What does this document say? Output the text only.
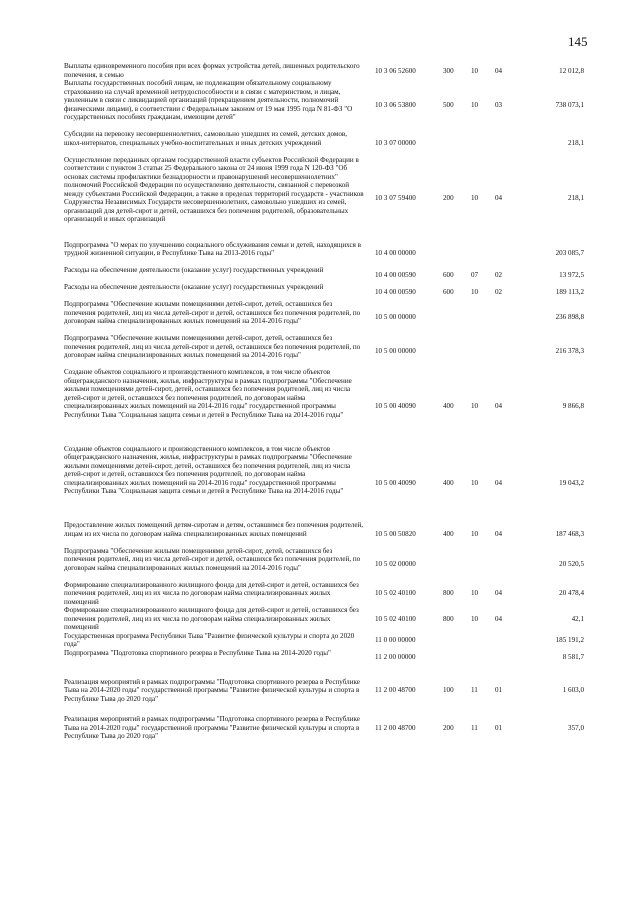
145
Выплаты единовременного пособия при всех формах устройства детей, лишенных родительского попечения, в семью
10 3 06 52600	300 10 04	12 012,8
Выплаты государственных пособий лицам, не подлежащим обязательному социальному страхованию на случай временной нетрудоспособности и в связи с материнством, и лицам, уволенным в связи с ликвидацией организаций (прекращением деятельности, полномочий физическими лицами), в соответствии с Федеральным законом от 19 мая 1995 года N 81-ФЗ "О государственных пособиях гражданам, имеющим детей"
10 3 06 53800	500 10 03	738 073,1
Субсидии на перевозку несовершеннолетних, самовольно ушедших из семей, детских домов, школ-интернатов, специальных учебно-воспитательных и иных детских учреждений	10 3 07 00000	218,1
Осуществление переданных органам государственной власти субъектов Российской Федерации в соответствии с пунктом 3 статьи 25 Федерального закона от 24 июня 1999 года N 120-ФЗ "Об основах системы профилактики безнадзорности и правонарушений несовершеннолетних" полномочий Российской Федерации по осуществлению деятельности, связанной с перевозкой между субъектами Российской Федерации, а также в пределах территорий государств - участников Содружества Независимых Государств несовершеннолетних, самовольно ушедших из семей, организаций для детей-сирот и детей, оставшихся без попечения родителей, образовательных организаций и иных организаций
10 3 07 59400	200 10 04	218,1
Подпрограмма "О мерах по улучшению социального обслуживания семьи и детей, находящихся в трудной жизненной ситуации, в Республике Тыва на 2013-2016 годы"	10 4 00 00000	203 085,7
Расходы на обеспечение деятельности (оказание услуг) государственных учреждений
10 4 00 00590	600 07 02	13 972,5
Расходы на обеспечение деятельности (оказание услуг) государственных учреждений
10 4 00 00590	600 10 02	189 113,2
Подпрограмма "Обеспечение жилыми помещениями детей-сирот, детей, оставшихся без попечения родителей, лиц из числа детей-сирот и детей, оставшихся без попечения родителей, по договорам найма специализированных жилых помещений на 2014-2016 годы"
10 5 00 00000	236 898,8
Подпрограмма "Обеспечение жилыми помещениями детей-сирот, детей, оставшихся без попечения родителей, лиц из числа детей-сирот и детей, оставшихся без попечения родителей, по договорам найма специализированных жилых помещений на 2014-2016 годы"
10 5 00 00000	216 378,3
Создание объектов социального и производственного комплексов, в том числе объектов общегражданского назначения, жилья, инфраструктуры в рамках подпрограммы "Обеспечение жилыми помещениями детей-сирот, детей, оставшихся без попечения родителей, лиц из числа детей-сирот и детей, оставшихся без попечения родителей, по договорам найма специализированных жилых помещений на 2014-2016 годы" государственной программы Республики Тыва "Социальная защита семьи и детей в Республике Тыва на 2014-2016 годы"
10 5 00 40090	400 10 04	9 866,8
Создание объектов социального и производственного комплексов, в том числе объектов общегражданского назначения, жилья, инфраструктуры в рамках подпрограммы "Обеспечение жилыми помещениями детей-сирот, детей, оставшихся без попечения родителей, лиц из числа детей-сирот и детей, оставшихся без попечения родителей, по договорам найма специализированных жилых помещений на 2014-2016 годы" государственной программы Республики Тыва "Социальная защита семьи и детей в Республике Тыва на 2014-2016 годы"
10 5 00 40090	400 10 04	19 043,2
Предоставление жилых помещений детям-сиротам и детям, оставшимся без попечения родителей, лицам из их числа по договорам найма специализированных жилых помещений	10 5 00 50820	400 10 04	187 468,3
Подпрограмма "Обеспечение жилыми помещениями детей-сирот, детей, оставшихся без попечения родителей, лиц из числа детей-сирот и детей, оставшихся без попечения родителей, по договорам найма специализированных жилых помещений на 2014-2016 годы"
10 5 02 00000	20 520,5
Формирование специализированного жилищного фонда для детей-сирот и детей, оставшихся без попечения родителей, лиц из их числа по договорам найма специализированных жилых помещений
10 5 02 40100	800 10 04	20 478,4
Формирование специализированного жилищного фонда для детей-сирот и детей, оставшихся без попечения родителей, лиц из их числа по договорам найма специализированных жилых помещений
10 5 02 40100	800 10 04	42,1
Государственная программа Республики Тыва "Развитие физической культуры и спорта до 2020 года"
11 0 00 00000	185 191,2
Подпрограмма "Подготовка спортивного резерва в Республике Тыва на 2014-2020 годы"
11 2 00 00000	8 581,7
Реализация мероприятий в рамках подпрограммы "Подготовка спортивного резерва в Республике Тыва на 2014-2020 годы" государственной программы "Развитие физической культуры и спорта в Республике Тыва до 2020 года"
11 2 00 48700	100 11 01	1 603,0
Реализация мероприятий в рамках подпрограммы "Подготовка спортивного резерва в Республике Тыва на 2014-2020 годы" государственной программы "Развитие физической культуры и спорта в Республике Тыва до 2020 года"
11 2 00 48700	200 11 01	357,0
